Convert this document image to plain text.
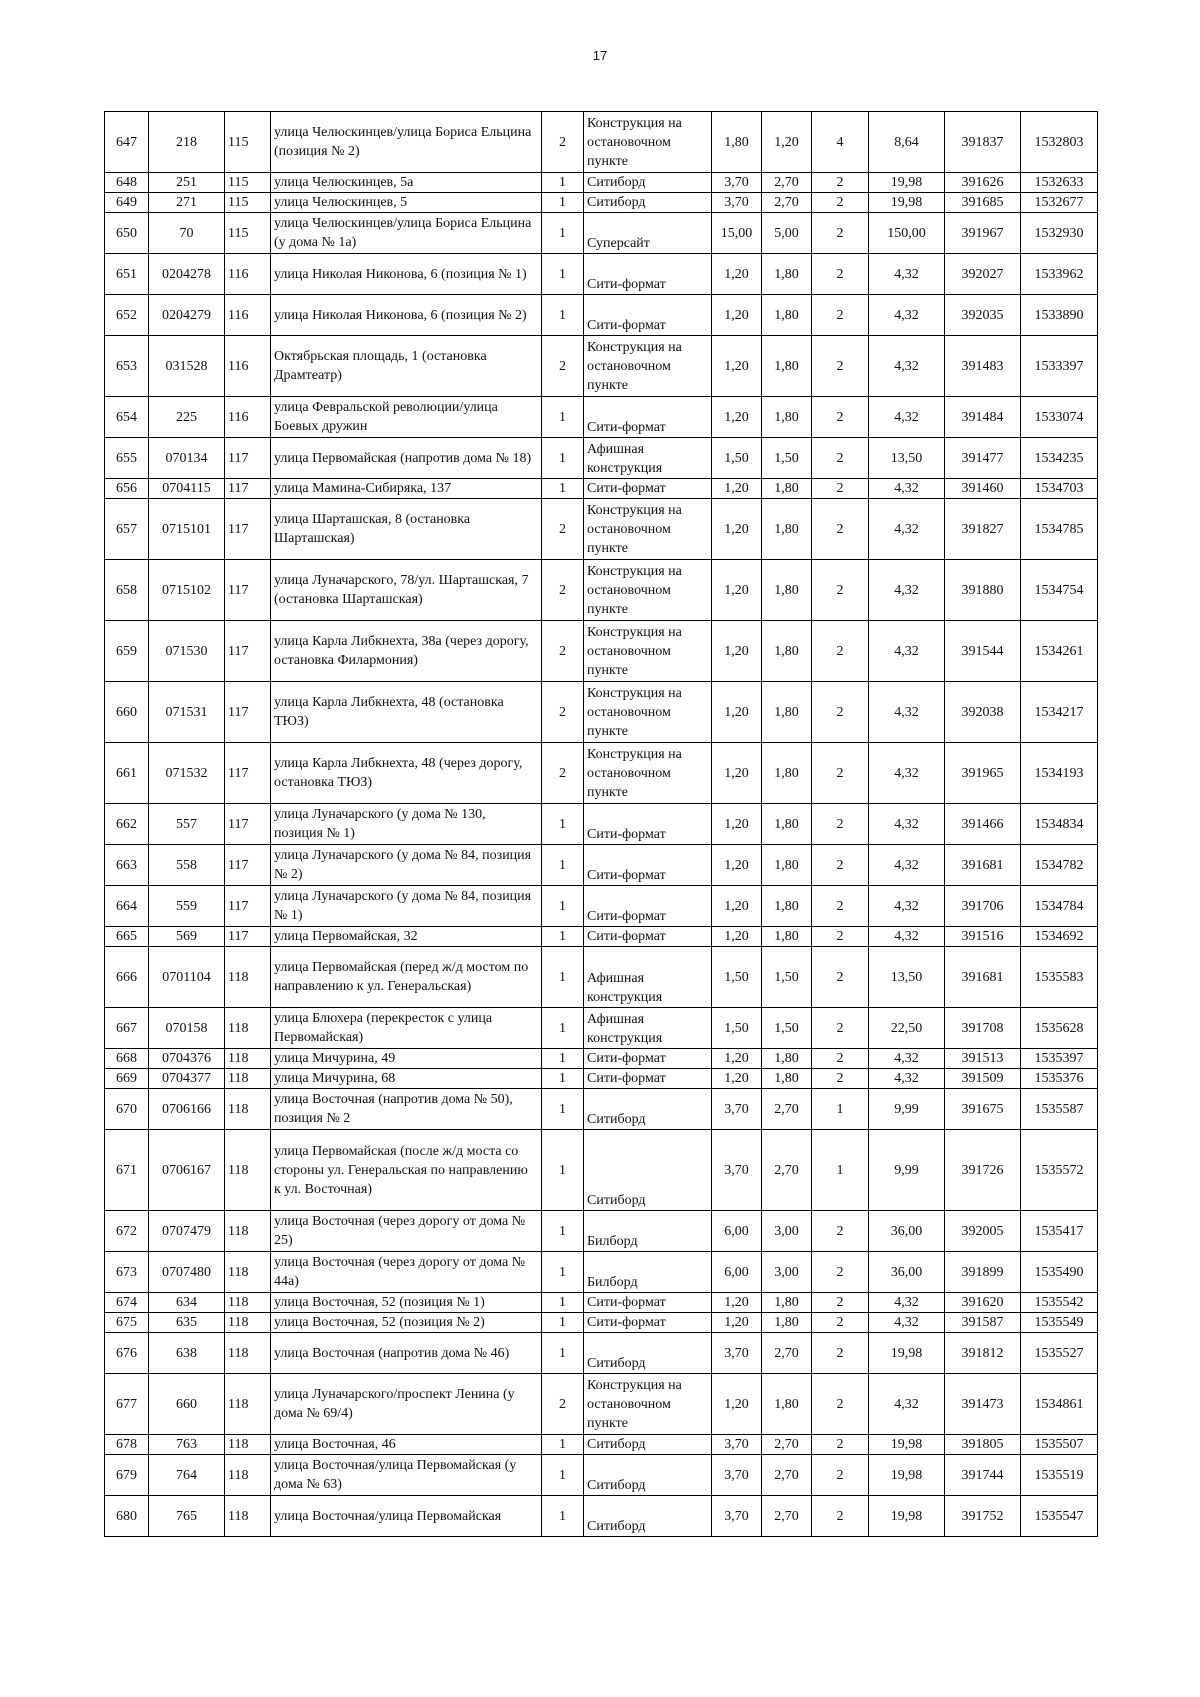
17
647	218	115	улица Челюскинцев/улица Бориса Ельцина (позиция № 2)	2	Конструкция на остановочном пункте	1,80	1,20	4	8,64	391837	1532803
648	251	115	улица Челюскинцев, 5а	1	Ситиборд	3,70	2,70	2	19,98	391626	1532633
649	271	115	улица Челюскинцев, 5	1	Ситиборд	3,70	2,70	2	19,98	391685	1532677
650	70	115	улица Челюскинцев/улица Бориса Ельцина (у дома № 1а)	1	Суперсайт	15,00	5,00	2	150,00	391967	1532930
651	0204278	116	улица Николая Никонова, 6 (позиция № 1)	1	Сити-формат	1,20	1,80	2	4,32	392027	1533962
652	0204279	116	улица Николая Никонова, 6 (позиция № 2)	1	Сити-формат	1,20	1,80	2	4,32	392035	1533890
653	031528	116	Октябрьская площадь, 1 (остановка Драмтеатр)	2	Конструкция на остановочном пункте	1,20	1,80	2	4,32	391483	1533397
654	225	116	улица Февральской революции/улица Боевых дружин	1	Сити-формат	1,20	1,80	2	4,32	391484	1533074
655	070134	117	улица Первомайская (напротив дома № 18)	1	Афишная конструкция	1,50	1,50	2	13,50	391477	1534235
656	0704115	117	улица Мамина-Сибиряка, 137	1	Сити-формат	1,20	1,80	2	4,32	391460	1534703
657	0715101	117	улица Шарташская, 8 (остановка Шарташская)	2	Конструкция на остановочном пункте	1,20	1,80	2	4,32	391827	1534785
658	0715102	117	улица Луначарского, 78/ул. Шарташская, 7 (остановка Шарташская)	2	Конструкция на остановочном пункте	1,20	1,80	2	4,32	391880	1534754
659	071530	117	улица Карла Либкнехта, 38а (через дорогу, остановка Филармония)	2	Конструкция на остановочном пункте	1,20	1,80	2	4,32	391544	1534261
660	071531	117	улица Карла Либкнехта, 48 (остановка ТЮЗ)	2	Конструкция на остановочном пункте	1,20	1,80	2	4,32	392038	1534217
661	071532	117	улица Карла Либкнехта, 48 (через дорогу, остановка ТЮЗ)	2	Конструкция на остановочном пункте	1,20	1,80	2	4,32	391965	1534193
662	557	117	улица Луначарского (у дома № 130, позиция № 1)	1	Сити-формат	1,20	1,80	2	4,32	391466	1534834
663	558	117	улица Луначарского (у дома № 84, позиция № 2)	1	Сити-формат	1,20	1,80	2	4,32	391681	1534782
664	559	117	улица Луначарского (у дома № 84, позиция № 1)	1	Сити-формат	1,20	1,80	2	4,32	391706	1534784
665	569	117	улица Первомайская, 32	1	Сити-формат	1,20	1,80	2	4,32	391516	1534692
666	0701104	118	улица Первомайская (перед ж/д мостом по направлению к ул. Генеральская)	1	Афишная конструкция	1,50	1,50	2	13,50	391681	1535583
667	070158	118	улица Блюхера (перекресток с улица Первомайская)	1	Афишная конструкция	1,50	1,50	2	22,50	391708	1535628
668	0704376	118	улица Мичурина, 49	1	Сити-формат	1,20	1,80	2	4,32	391513	1535397
669	0704377	118	улица Мичурина, 68	1	Сити-формат	1,20	1,80	2	4,32	391509	1535376
670	0706166	118	улица Восточная (напротив дома № 50), позиция № 2	1	Ситиборд	3,70	2,70	1	9,99	391675	1535587
671	0706167	118	улица Первомайская (после ж/д моста со стороны ул. Генеральская по направлению к ул. Восточная)	1	Ситиборд	3,70	2,70	1	9,99	391726	1535572
672	0707479	118	улица Восточная (через дорогу от дома № 25)	1	Билборд	6,00	3,00	2	36,00	392005	1535417
673	0707480	118	улица Восточная (через дорогу от дома № 44а)	1	Билборд	6,00	3,00	2	36,00	391899	1535490
674	634	118	улица Восточная, 52 (позиция № 1)	1	Сити-формат	1,20	1,80	2	4,32	391620	1535542
675	635	118	улица Восточная, 52 (позиция № 2)	1	Сити-формат	1,20	1,80	2	4,32	391587	1535549
676	638	118	улица Восточная (напротив дома № 46)	1	Ситиборд	3,70	2,70	2	19,98	391812	1535527
677	660	118	улица Луначарского/проспект Ленина (у дома № 69/4)	2	Конструкция на остановочном пункте	1,20	1,80	2	4,32	391473	1534861
678	763	118	улица Восточная, 46	1	Ситиборд	3,70	2,70	2	19,98	391805	1535507
679	764	118	улица Восточная/улица Первомайская (у дома № 63)	1	Ситиборд	3,70	2,70	2	19,98	391744	1535519
680	765	118	улица Восточная/улица Первомайская	1	Ситиборд	3,70	2,70	2	19,98	391752	1535547
